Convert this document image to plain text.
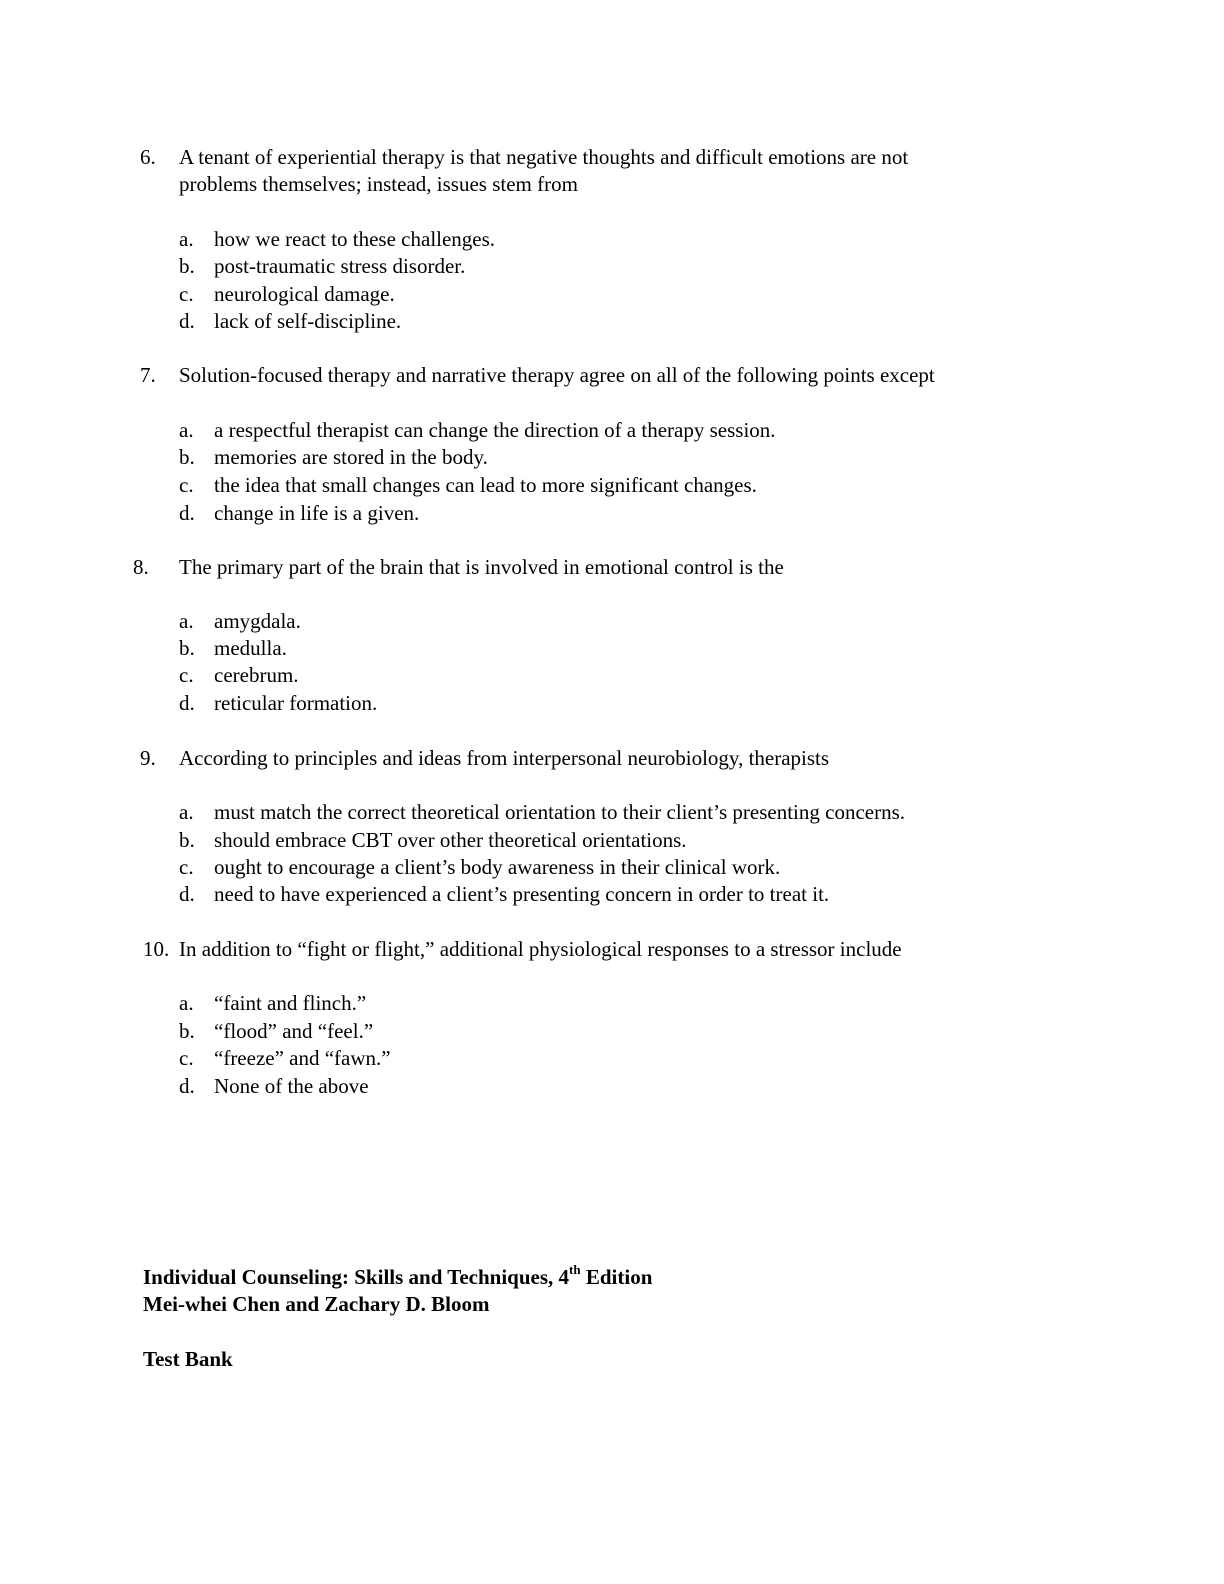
6. A tenant of experiential therapy is that negative thoughts and difficult emotions are not
problems themselves; instead, issues stem from
a. how we react to these challenges.
b. post-traumatic stress disorder.
c. neurological damage.
d. lack of self-discipline.
7. Solution-focused therapy and narrative therapy agree on all of the following points except
a. a respectful therapist can change the direction of a therapy session.
b. memories are stored in the body.
c. the idea that small changes can lead to more significant changes.
d. change in life is a given.
8. The primary part of the brain that is involved in emotional control is the
a. amygdala.
b. medulla.
c. cerebrum.
d. reticular formation.
9. According to principles and ideas from interpersonal neurobiology, therapists
a. must match the correct theoretical orientation to their client’s presenting concerns.
b. should embrace CBT over other theoretical orientations.
c. ought to encourage a client’s body awareness in their clinical work.
d. need to have experienced a client’s presenting concern in order to treat it.
10. In addition to “fight or flight,” additional physiological responses to a stressor include
a. “faint and flinch.”
b. “flood” and “feel.”
c. “freeze” and “fawn.”
d. None of the above
Individual Counseling: Skills and Techniques, 4th Edition
Mei-whei Chen and Zachary D. Bloom
Test Bank
